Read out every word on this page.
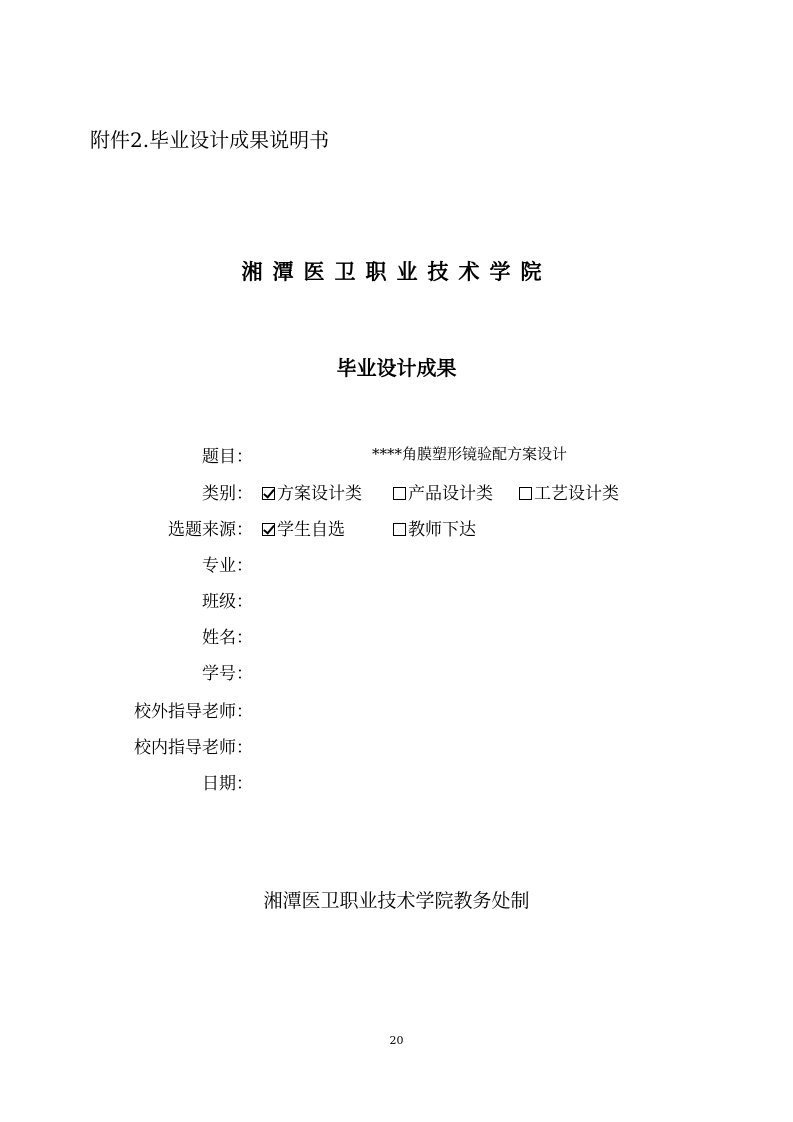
附件2.毕业设计成果说明书
湘潭医卫职业技术学院
毕业设计成果
题目：	****角膜塑形镜验配方案设计
类别：	方案设计类	产品设计类	工艺设计类
选题来源：	学生自选	教师下达
专业：
班级：
姓名：
学号：
校外指导老师：
校内指导老师：
日期：
湘潭医卫职业技术学院教务处制
20
